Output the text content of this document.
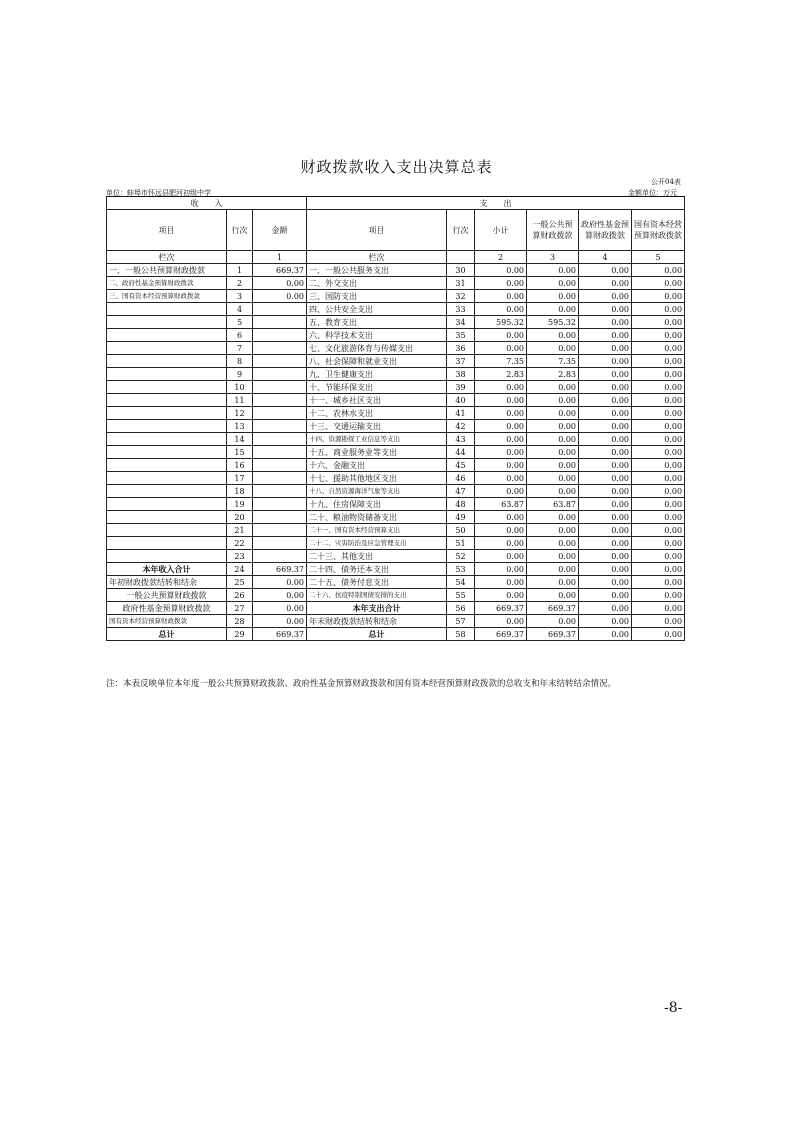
财政拨款收入支出决算总表
公开04表
单位：蚌埠市怀远县肥河初级中学	金额单位：万元
收　　入			支　　出					
项目	行次	金额	项目	行次	小计	一般公共预算财政拨款	政府性基金预算财政拨款	国有资本经营预算财政拨款
栏次		1	栏次		2	3	4	5
一、一般公共预算财政拨款	1	669.37	一、一般公共服务支出	30	0.00	0.00	0.00	0.00
二、政府性基金预算财政拨款	2	0.00	二、外交支出	31	0.00	0.00	0.00	0.00
三、国有资本经营预算财政拨款	3	0.00	三、国防支出	32	0.00	0.00	0.00	0.00
	4		四、公共安全支出	33	0.00	0.00	0.00	0.00
	5		五、教育支出	34	595.32	595.32	0.00	0.00
	6		六、科学技术支出	35	0.00	0.00	0.00	0.00
	7		七、文化旅游体育与传媒支出	36	0.00	0.00	0.00	0.00
	8		八、社会保障和就业支出	37	7.35	7.35	0.00	0.00
	9		九、卫生健康支出	38	2.83	2.83	0.00	0.00
	10		十、节能环保支出	39	0.00	0.00	0.00	0.00
	11		十一、城乡社区支出	40	0.00	0.00	0.00	0.00
	12		十二、农林水支出	41	0.00	0.00	0.00	0.00
	13		十三、交通运输支出	42	0.00	0.00	0.00	0.00
	14		十四、资源勘探工业信息等支出	43	0.00	0.00	0.00	0.00
	15		十五、商业服务业等支出	44	0.00	0.00	0.00	0.00
	16		十六、金融支出	45	0.00	0.00	0.00	0.00
	17		十七、援助其他地区支出	46	0.00	0.00	0.00	0.00
	18		十八、自然资源海洋气象等支出	47	0.00	0.00	0.00	0.00
	19		十九、住房保障支出	48	63.87	63.87	0.00	0.00
	20		二十、粮油物资储备支出	49	0.00	0.00	0.00	0.00
	21		二十一、国有资本经营预算支出	50	0.00	0.00	0.00	0.00
	22		二十二、灾害防治及应急管理支出	51	0.00	0.00	0.00	0.00
	23		二十三、其他支出	52	0.00	0.00	0.00	0.00
本年收入合计	24	669.37	二十四、债务还本支出	53	0.00	0.00	0.00	0.00
年初财政拨款结转和结余	25	0.00	二十五、债务付息支出	54	0.00	0.00	0.00	0.00
一般公共预算财政拨款	26	0.00	二十六、抗疫特别国债安排的支出	55	0.00	0.00	0.00	0.00
政府性基金预算财政拨款	27	0.00	本年支出合计	56	669.37	669.37	0.00	0.00
国有资本经营预算财政拨款	28	0.00	年末财政拨款结转和结余	57	0.00	0.00	0.00	0.00
总计	29	669.37	总计	58	669.37	669.37	0.00	0.00
注：本表反映单位本年度一般公共预算财政拨款、政府性基金预算财政拨款和国有资本经营预算财政拨款的总收支和年末结转结余情况。
-8-
